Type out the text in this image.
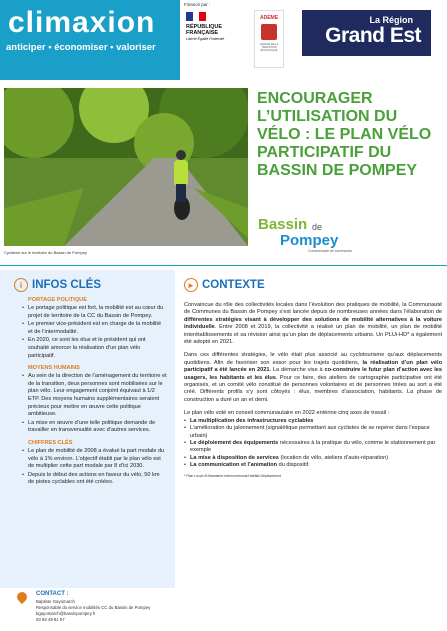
climaxion
anticiper • économiser • valoriser
Financé par :
RÉPUBLIQUE
FRANÇAISE
Liberté Égalité Fraternité
ADEME
AGENCE DE LA TRANSITION ÉCOLOGIQUE
La Région
Grand Est
Cyclisme sur le territoire du Bassin de Pompey
ENCOURAGER L’UTILISATION DU VÉLO : LE PLAN VÉLO PARTICIPATIF DU BASSIN DE POMPEY
Bassin de
Pompey
Communauté de communes
i INFOS CLÉS
PORTAGE POLITIQUE
• Le portage politique est fort, la mobilité est au cœur du projet de territoire de la CC du Bassin de Pompey.
• Le premier vice-président est en charge de la mobilité et de l’intermodalité.
• En 2020, ce sont les élus et le président qui ont souhaité amorcer la réalisation d’un plan vélo participatif.
MOYENS HUMAINS
• Au sein de la direction de l’aménagement du territoire et de la transition, deux personnes sont mobilisées sur le plan vélo. Leur engagement conjoint équivaut à 1/2 ETP. Des moyens humains supplémentaires seraient précieux pour mettre en œuvre cette politique ambitieuse.
• La mise en œuvre d’une telle politique demande de travailler en transversalité avec d’autres services.
CHIFFRES CLÉS
• Le plan de mobilité de 2008 a évalué la part modale du vélo à 1% environ. L’objectif établi par le plan vélo est de multiplier cette part modale par 8 d’ici 2030.
• Depuis le début des actions en faveur du vélo, 50 km de pistes cyclables ont été créées.
► CONTEXTE

Convaincue du rôle des collectivités locales dans l’évolution des pratiques de mobilité, la Communauté de Communes du Bassin de Pompey s’est lancée depuis de nombreuses années dans l’élaboration de différentes stratégies visant à développer des solutions de mobilité alternatives à la voiture individuelle. Entre 2008 et 2019, la collectivité a réalisé un plan de mobilité, un plan de mobilité interétablissements et sa révision ainsi qu’un plan de déplacements urbains. Un PLUi-HD* a également été adopté en 2021.

Dans ces différentes stratégies, le vélo était plus associé au cyclotourisme qu’aux déplacements quotidiens. Afin de favoriser son essor pour les trajets quotidiens, la réalisation d’un plan vélo participatif a été lancée en 2021. La démarche vise à co-construire le futur plan d’action avec les usagers, les habitants et les élus. Pour ce faire, des ateliers de cartographie participative ont été organisés, et un comité vélo constitué de personnes volontaires et de personnes tirées au sort a été créé. Différents profils s’y sont côtoyés : élus, membres d’association, habitants. La phase de construction a duré un an et demi.

Le plan vélo voté en conseil communautaire en 2022 entérine cinq axes de travail :
• La multiplication des infrastructures cyclables
• L’amélioration du jalonnement (signalétique permettant aux cyclistes de se repérer dans l’espace urbain)
• Le déploiement des équipements nécessaires à la pratique du vélo, comme le stationnement par exemple
• La mise à disposition de services (location de vélo, ateliers d’auto-réparation)
• La communication et l’animation du dispositif.
* Plan Local d’Urbanisme Intercommunal Habitat Déplacement
CONTACT :
Baptiste Gayomarch
Responsable du service mobilités CC du Bassin de Pompey
bgayomarch@bassinpompey.fr
03 83 49 81 57
